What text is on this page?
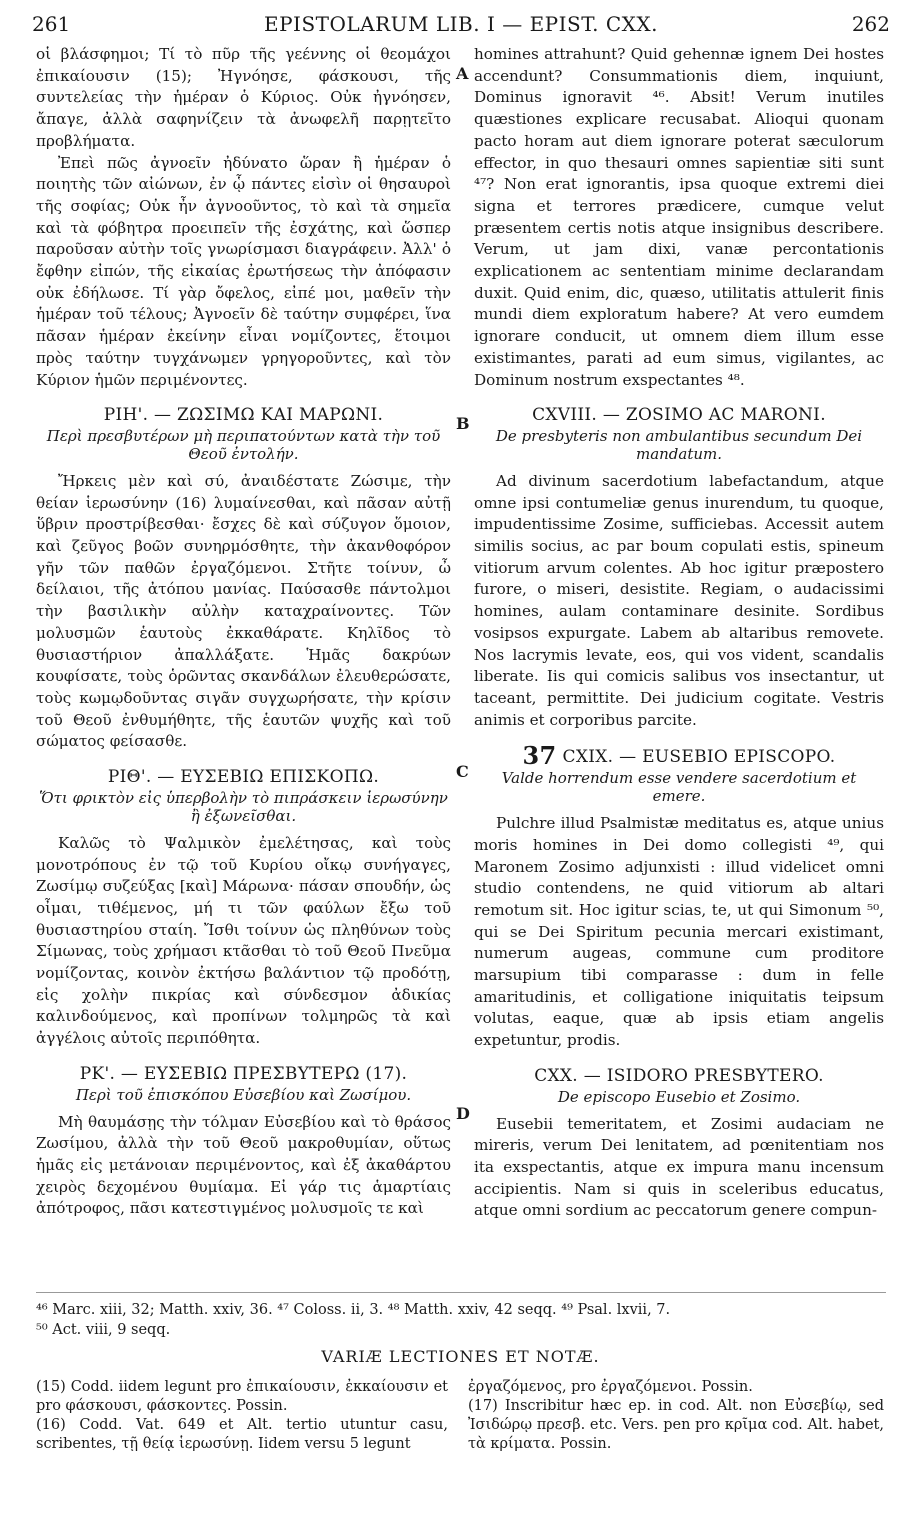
261	EPISTOLARUM LIB. I — EPIST. CXX.	262
A
B
C
D

οἱ βλάσφημοι; Τί τὸ πῦρ τῆς γεέννης οἱ θεομάχοι ἐπικαίουσιν (15); Ἠγνόησε, φάσκουσι, τῆς συντελείας τὴν ἡμέραν ὁ Κύριος. Οὐκ ἠγνόησεν, ἄπαγε, ἀλλὰ σαφηνίζειν τὰ ἀνωφελῆ παρῃτεῖτο προβλήματα.

Ἐπεὶ πῶς ἀγνοεῖν ἠδύνατο ὥραν ἢ ἡμέραν ὁ ποιητὴς τῶν αἰώνων, ἐν ᾧ πάντες εἰσὶν οἱ θησαυροὶ τῆς σοφίας; Οὐκ ἦν ἀγνοοῦντος, τὸ καὶ τὰ σημεῖα καὶ τὰ φόβητρα προειπεῖν τῆς ἐσχάτης, καὶ ὥσπερ παροῦσαν αὐτὴν τοῖς γνωρίσμασι διαγράφειν. Ἀλλ' ὁ ἔφθην εἰπών, τῆς εἰκαίας ἐρωτήσεως τὴν ἀπόφασιν οὐκ ἐδήλωσε. Τί γὰρ ὄφελος, εἰπέ μοι, μαθεῖν τὴν ἡμέραν τοῦ τέλους; Ἀγνοεῖν δὲ ταύτην συμφέρει, ἵνα πᾶσαν ἡμέραν ἐκείνην εἶναι νομίζοντες, ἕτοιμοι πρὸς ταύτην τυγχάνωμεν γρηγοροῦντες, καὶ τὸν Κύριον ἡμῶν περιμένοντες.

ΡΙΗ'. — ΖΩΣΙΜΩ ΚΑΙ ΜΑΡΩΝΙ.
Περὶ πρεσβυτέρων μὴ περιπατούντων κατὰ τὴν τοῦ Θεοῦ ἐντολήν.

Ἤρκεις μὲν καὶ σύ, ἀναιδέστατε Ζώσιμε, τὴν θείαν ἱερωσύνην (16) λυμαίνεσθαι, καὶ πᾶσαν αὐτῇ ὕβριν προστρίβεσθαι· ἔσχες δὲ καὶ σύζυγον ὅμοιον, καὶ ζεῦγος βοῶν συνηρμόσθητε, τὴν ἀκανθοφόρον γῆν τῶν παθῶν ἐργαζόμενοι. Στῆτε τοίνυν, ὦ δείλαιοι, τῆς ἀτόπου μανίας. Παύσασθε πάντολμοι τὴν βασιλικὴν αὐλὴν καταχραίνοντες. Τῶν μολυσμῶν ἑαυτοὺς ἐκκαθάρατε. Κηλῖδος τὸ θυσιαστήριον ἀπαλλάξατε. Ἡμᾶς δακρύων κουφίσατε, τοὺς ὁρῶντας σκανδάλων ἐλευθερώσατε, τοὺς κωμῳδοῦντας σιγᾶν συγχωρήσατε, τὴν κρίσιν τοῦ Θεοῦ ἐνθυμήθητε, τῆς ἑαυτῶν ψυχῆς καὶ τοῦ σώματος φείσασθε.

ΡΙΘ'. — ΕΥΣΕΒΙΩ ΕΠΙΣΚΟΠΩ.
Ὅτι φρικτὸν εἰς ὑπερβολὴν τὸ πιπράσκειν ἱερωσύνην ἢ ἐξωνεῖσθαι.

Καλῶς τὸ Ψαλμικὸν ἐμελέτησας, καὶ τοὺς μονοτρόπους ἐν τῷ τοῦ Κυρίου οἴκῳ συνήγαγες, Ζωσίμῳ συζεύξας [καὶ] Μάρωνα· πάσαν σπουδήν, ὡς οἶμαι, τιθέμενος, μή τι τῶν φαύλων ἔξω τοῦ θυσιαστηρίου σταίη. Ἴσθι τοίνυν ὡς πληθύνων τοὺς Σίμωνας, τοὺς χρήμασι κτᾶσθαι τὸ τοῦ Θεοῦ Πνεῦμα νομίζοντας, κοινὸν ἐκτήσω βαλάντιον τῷ προδότῃ, εἰς χολὴν πικρίας καὶ σύνδεσμον ἀδικίας καλινδούμενος, καὶ προπίνων τολμηρῶς τὰ καὶ ἀγγέλοις αὐτοῖς περιπόθητα.

ΡΚ'. — ΕΥΣΕΒΙΩ ΠΡΕΣΒΥΤΕΡΩ (17).
Περὶ τοῦ ἐπισκόπου Εὐσεβίου καὶ Ζωσίμου.

Μὴ θαυμάσῃς τὴν τόλμαν Εὐσεβίου καὶ τὸ θράσος Ζωσίμου, ἀλλὰ τὴν τοῦ Θεοῦ μακροθυμίαν, οὕτως ἡμᾶς εἰς μετάνοιαν περιμένοντος, καὶ ἐξ ἀκαθάρτου χειρὸς δεχομένου θυμίαμα. Εἰ γάρ τις ἁμαρτίαις ἀπότροφος, πᾶσι κατεστιγμένος μολυσμοῖς τε καὶ

homines attrahunt? Quid gehennæ ignem Dei hostes accendunt? Consummationis diem, inquiunt, Dominus ignoravit ⁴⁶. Absit! Verum inutiles quæstiones explicare recusabat. Alioqui quonam pacto horam aut diem ignorare poterat sæculorum effector, in quo thesauri omnes sapientiæ siti sunt ⁴⁷? Non erat ignorantis, ipsa quoque extremi diei signa et terrores prædicere, cumque velut præsentem certis notis atque insignibus describere. Verum, ut jam dixi, vanæ percontationis explicationem ac sententiam minime declarandam duxit. Quid enim, dic, quæso, utilitatis attulerit finis mundi diem exploratum habere? At vero eumdem ignorare conducit, ut omnem diem illum esse existimantes, parati ad eum simus, vigilantes, ac Dominum nostrum exspectantes ⁴⁸.

CXVIII. — ZOSIMO AC MARONI.
De presbyteris non ambulantibus secundum Dei mandatum.

Ad divinum sacerdotium labefactandum, atque omne ipsi contumeliæ genus inurendum, tu quoque, impudentissime Zosime, sufficiebas. Accessit autem similis socius, ac par boum copulati estis, spineum vitiorum arvum colentes. Ab hoc igitur præpostero furore, o miseri, desistite. Regiam, o audacissimi homines, aulam contaminare desinite. Sordibus vosipsos expurgate. Labem ab altaribus removete. Nos lacrymis levate, eos, qui vos vident, scandalis liberate. Iis qui comicis salibus vos insectantur, ut taceant, permittite. Dei judicium cogitate. Vestris animis et corporibus parcite.

37 CXIX. — EUSEBIO EPISCOPO.
Valde horrendum esse vendere sacerdotium et emere.

Pulchre illud Psalmistæ meditatus es, atque unius moris homines in Dei domo collegisti ⁴⁹, qui Maronem Zosimo adjunxisti : illud videlicet omni studio contendens, ne quid vitiorum ab altari remotum sit. Hoc igitur scias, te, ut qui Simonum ⁵⁰, qui se Dei Spiritum pecunia mercari existimant, numerum augeas, commune cum proditore marsupium tibi comparasse : dum in felle amaritudinis, et colligatione iniquitatis teipsum volutas, eaque, quæ ab ipsis etiam angelis expetuntur, prodis.

CXX. — ISIDORO PRESBYTERO.
De episcopo Eusebio et Zosimo.

Eusebii temeritatem, et Zosimi audaciam ne mireris, verum Dei lenitatem, ad pœnitentiam nos ita exspectantis, atque ex impura manu incensum accipientis. Nam si quis in sceleribus educatus, atque omni sordium ac peccatorum genere compun-

⁴⁶ Marc. xiii, 32; Matth. xxiv, 36. ⁴⁷ Coloss. ii, 3. ⁴⁸ Matth. xxiv, 42 seqq. ⁴⁹ Psal. lxvii, 7.
⁵⁰ Act. viii, 9 seqq.
VARIÆ LECTIONES ET NOTÆ.

(15) Codd. iidem legunt pro ἐπικαίουσιν, ἐκκαίουσιν et pro φάσκουσι, φάσκοντες. Possin.

(16) Codd. Vat. 649 et Alt. tertio utuntur casu, scribentes, τῇ θείᾳ ἱερωσύνῃ. Iidem versu 5 legunt

ἐργαζόμενος, pro ἐργαζόμενοι. Possin.

(17) Inscribitur hæc ep. in cod. Alt. non Εὐσεβίῳ, sed Ἰσιδώρῳ πρεσβ. etc. Vers. pen pro κρῖμα cod. Alt. habet, τὰ κρίματα. Possin.
